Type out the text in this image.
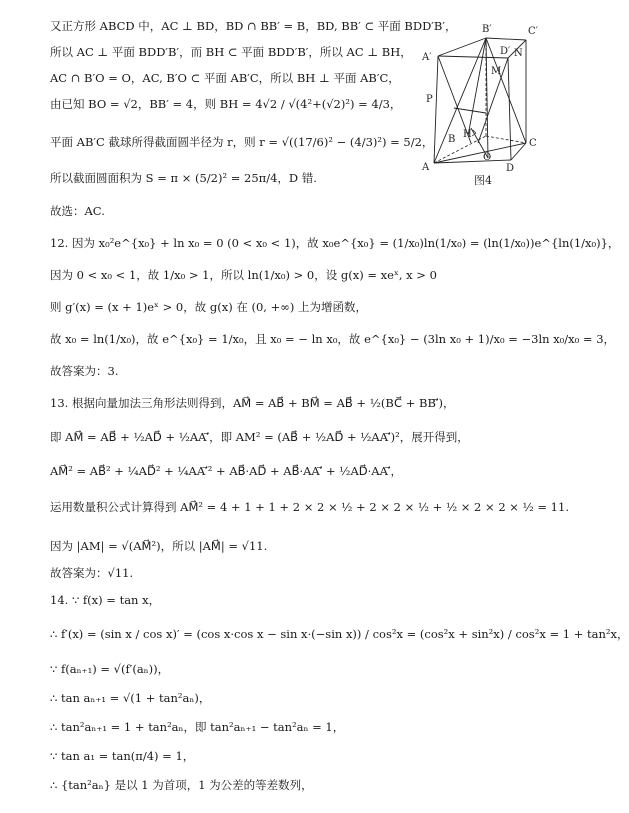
又正方形 ABCD 中，AC ⊥ BD，BD ∩ BB′ = B，BD, BB′ ⊂ 平面 BDD′B′，
所以 AC ⊥ 平面 BDD′B′，而 BH ⊂ 平面 BDD′B′，所以 AC ⊥ BH，
AC ∩ B′O = O，AC, B′O ⊂ 平面 AB′C，所以 BH ⊥ 平面 AB′C，
由已知 BO = √2，BB′ = 4，则 BH = 4√2 / √(4²+(√2)²) = 4/3，
平面 AB′C 截球所得截面圆半径为 r，则 r = √((17/6)² − (4/3)²) = 5/2，
所以截面圆面积为 S = π × (5/2)² = 25π/4，D 错.
故选：AC.
12. 因为 x₀²e^{x₀} + ln x₀ = 0 (0 < x₀ < 1)，故 x₀e^{x₀} = (1/x₀)ln(1/x₀) = (ln(1/x₀))e^{ln(1/x₀)}，
因为 0 < x₀ < 1，故 1/x₀ > 1，所以 ln(1/x₀) > 0，设 g(x) = xeˣ, x > 0
则 g′(x) = (x + 1)eˣ > 0，故 g(x) 在 (0, +∞) 上为增函数，
故 x₀ = ln(1/x₀)，故 e^{x₀} = 1/x₀，且 x₀ = − ln x₀，故 e^{x₀} − (3ln x₀ + 1)/x₀ = −3ln x₀/x₀ = 3，
故答案为：3.
13. 根据向量加法三角形法则得到，AM⃗ = AB⃗ + BM⃗ = AB⃗ + ½(BC⃗ + BB′⃗)，
即 AM⃗ = AB⃗ + ½AD⃗ + ½AA′⃗，即 AM² = (AB⃗ + ½AD⃗ + ½AA′⃗)²，展开得到，
AM⃗² = AB⃗² + ¼AD⃗² + ¼AA′⃗² + AB⃗·AD⃗ + AB⃗·AA′⃗ + ½AD⃗·AA′⃗，
运用数量积公式计算得到 AM⃗² = 4 + 1 + 1 + 2 × 2 × ½ + 2 × 2 × ½ + ½ × 2 × 2 × ½ = 11.
因为 |AM| = √(AM⃗²)，所以 |AM⃗| = √11.
故答案为：√11.
14. ∵ f(x) = tan x，
∴ f′(x) = (sin x / cos x)′ = (cos x·cos x − sin x·(−sin x)) / cos²x = (cos²x + sin²x) / cos²x = 1 + tan²x，
∵ f(aₙ₊₁) = √(f′(aₙ))，
∴ tan aₙ₊₁ = √(1 + tan²aₙ)，
∴ tan²aₙ₊₁ = 1 + tan²aₙ，即 tan²aₙ₊₁ − tan²aₙ = 1，
∵ tan a₁ = tan(π/4) = 1，
∴ {tan²aₙ} 是以 1 为首项，1 为公差的等差数列，
B′	C′
A′
D′ N
M
P
H
B	C
A	D
O
图4
